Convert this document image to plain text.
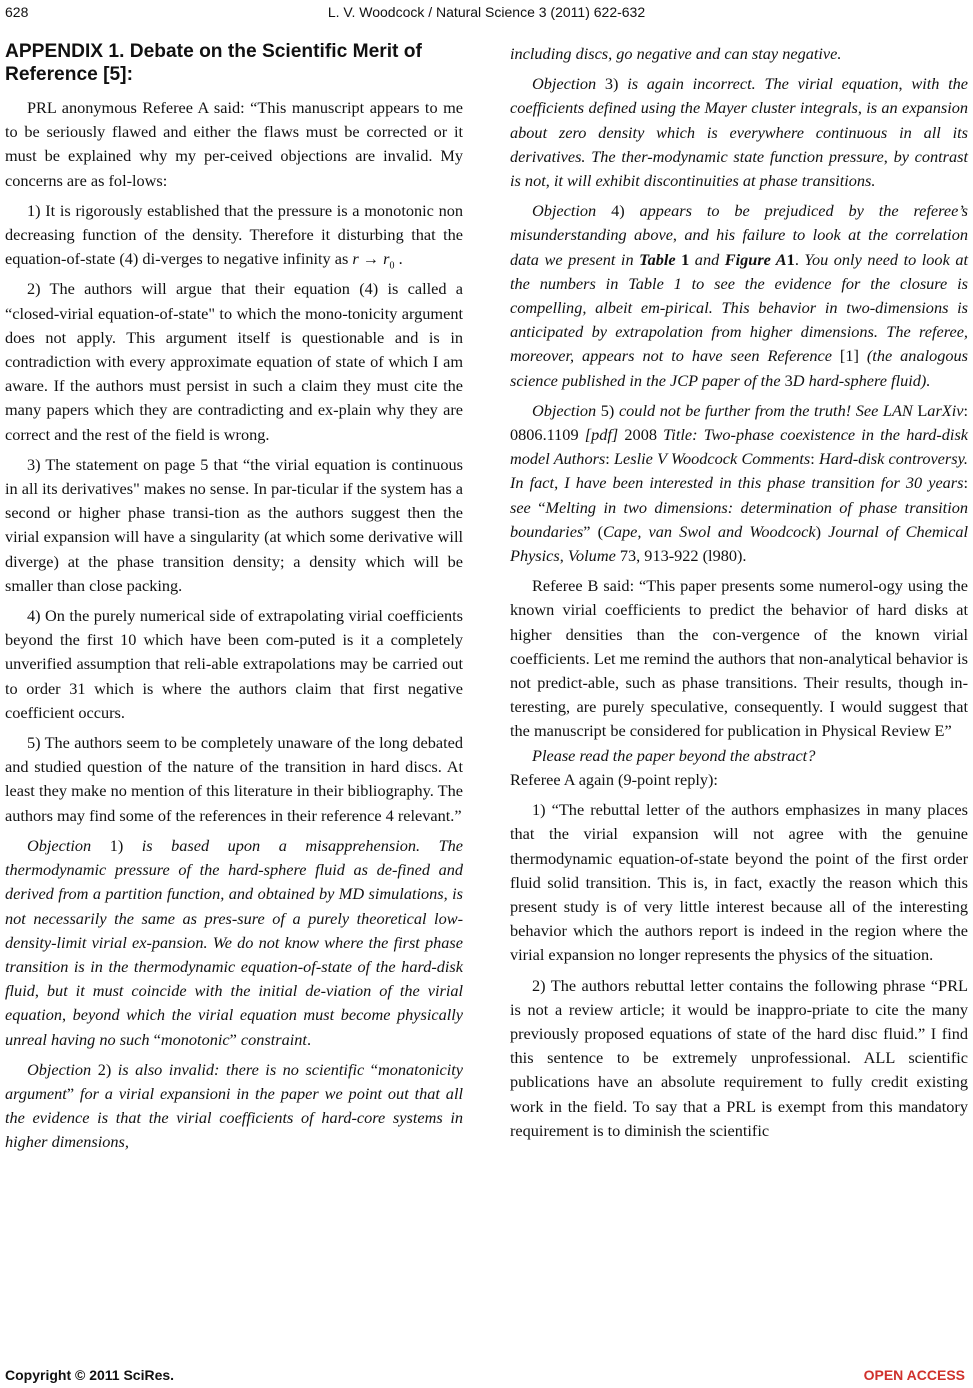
628	L. V. Woodcock / Natural Science 3 (2011) 622-632
APPENDIX 1. Debate on the Scientific Merit of Reference [5]:

PRL anonymous Referee A said: “This manuscript appears to me to be seriously flawed and either the flaws must be corrected or it must be explained why my per-ceived objections are invalid. My concerns are as fol-lows:

1) It is rigorously established that the pressure is a monotonic non decreasing function of the density. Therefore it disturbing that the equation-of-state (4) di-verges to negative infinity as $r \to r_0$ .

2) The authors will argue that their equation (4) is called a “closed-virial equation-of-state" to which the mono-tonicity argument does not apply. This argument itself is questionable and is in contradiction with every approximate equation of state of which I am aware. If the authors must persist in such a claim they must cite the many papers which they are contradicting and ex-plain why they are correct and the rest of the field is wrong.

3) The statement on page 5 that “the virial equation is continuous in all its derivatives" makes no sense. In par-ticular if the system has a second or higher phase transi-tion as the authors suggest then the virial expansion will have a singularity (at which some derivative will diverge) at the phase transition density; a density which will be smaller than close packing.

4) On the purely numerical side of extrapolating virial coefficients beyond the first 10 which have been com-puted is it a completely unverified assumption that reli-able extrapolations may be carried out to order 31 which is where the authors claim that first negative coefficient occurs.

5) The authors seem to be completely unaware of the long debated and studied question of the nature of the transition in hard discs. At least they make no mention of this literature in their bibliography. The authors may find some of the references in their reference 4 relevant.”

Objection 1) is based upon a misapprehension. The thermodynamic pressure of the hard-sphere fluid as de-fined and derived from a partition function, and obtained by MD simulations, is not necessarily the same as pres-sure of a purely theoretical low-density-limit virial ex-pansion. We do not know where the first phase transition is in the thermodynamic equation-of-state of the hard-disk fluid, but it must coincide with the initial de-viation of the virial equation, beyond which the virial equation must become physically unreal having no such “monotonic” constraint.

Objection 2) is also invalid: there is no scientific “monatonicity argument” for a virial expansioni in the paper we point out that all the evidence is that the virial coefficients of hard-core systems in higher dimensions,

including discs, go negative and can stay negative.

Objection 3) is again incorrect. The virial equation, with the coefficients defined using the Mayer cluster integrals, is an expansion about zero density which is everywhere continuous in all its derivatives. The ther-modynamic state function pressure, by contrast is not, it will exhibit discontinuities at phase transitions.

Objection 4) appears to be prejudiced by the referee’s misunderstanding above, and his failure to look at the correlation data we present in Table 1 and Figure A1. You only need to look at the numbers in Table 1 to see the evidence for the closure is compelling, albeit em-pirical. This behavior in two-dimensions is anticipated by extrapolation from higher dimensions. The referee, moreover, appears not to have seen Reference [1] (the analogous science published in the JCP paper of the 3D hard-sphere fluid).

Objection 5) could not be further from the truth! See LAN LarXiv: 0806.1109 [pdf] 2008 Title: Two-phase coexistence in the hard-disk model Authors: Leslie V Woodcock Comments: Hard-disk controversy. In fact, I have been interested in this phase transition for 30 years: see “Melting in two dimensions: determination of phase transition boundaries” (Cape, van Swol and Woodcock) Journal of Chemical Physics, Volume 73, 913-922 (l980).

Referee B said: “This paper presents some numerol-ogy using the known virial coefficients to predict the behavior of hard disks at higher densities than the con-vergence of the known virial coefficients. Let me remind the authors that non-analytical behavior is not predict-able, such as phase transitions. Their results, though in-teresting, are purely speculative, consequently. I would suggest that the manuscript be considered for publication in Physical Review E”

Please read the paper beyond the abstract?

Referee A again (9-point reply):

1) “The rebuttal letter of the authors emphasizes in many places that the virial expansion will not agree with the genuine thermodynamic equation-of-state beyond the point of the first order fluid solid transition. This is, in fact, exactly the reason which this present study is of very little interest because all of the interesting behavior which the authors report is indeed in the region where the virial expansion no longer represents the physics of the situation.

2) The authors rebuttal letter contains the following phrase “PRL is not a review article; it would be inappro-priate to cite the many previously proposed equations of state of the hard disc fluid.” I find this sentence to be extremely unprofessional. ALL scientific publications have an absolute requirement to fully credit existing work in the field. To say that a PRL is exempt from this mandatory requirement is to diminish the scientific

Copyright © 2011 SciRes.	OPEN ACCESS
